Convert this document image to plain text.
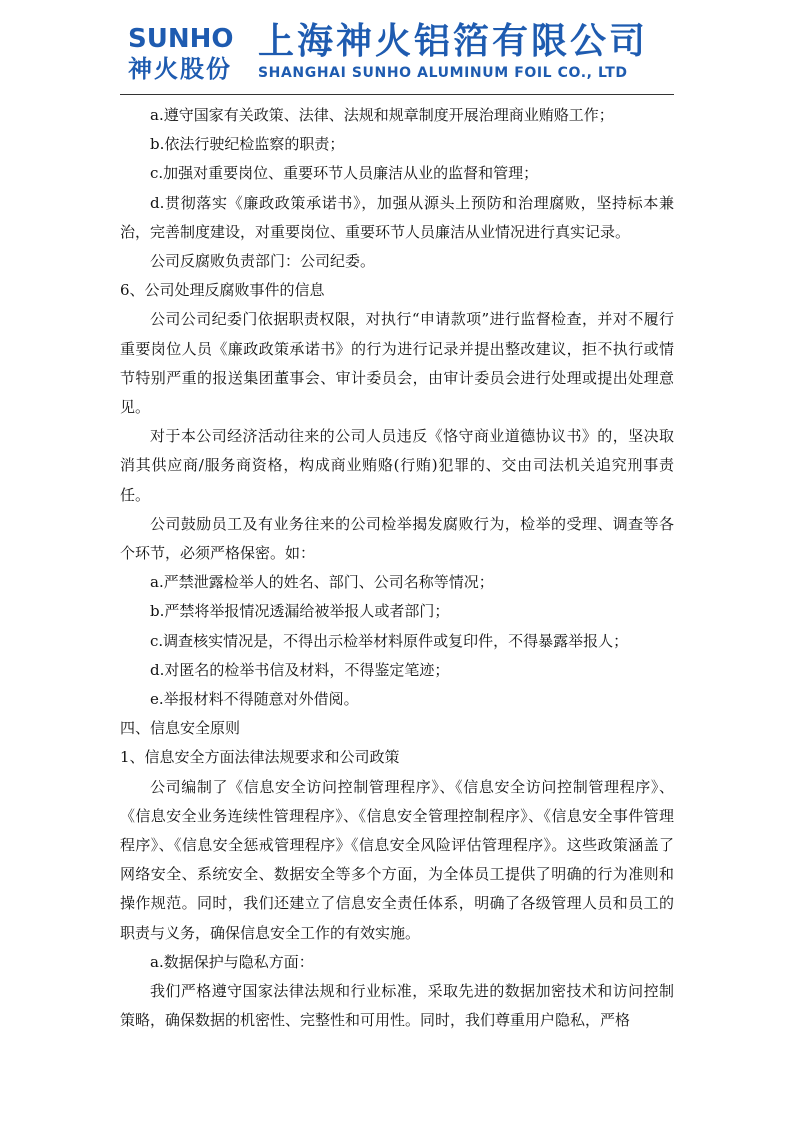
SUNHO
神火股份
上海神火铝箔有限公司
SHANGHAI SUNHO ALUMINUM FOIL CO., LTD

a.遵守国家有关政策、法律、法规和规章制度开展治理商业贿赂工作；

b.依法行驶纪检监察的职责；

c.加强对重要岗位、重要环节人员廉洁从业的监督和管理；

d.贯彻落实《廉政政策承诺书》，加强从源头上预防和治理腐败，坚持标本兼治，完善制度建设，对重要岗位、重要环节人员廉洁从业情况进行真实记录。

公司反腐败负责部门：公司纪委。

6、公司处理反腐败事件的信息

公司公司纪委门依据职责权限，对执行“申请款项”进行监督检查，并对不履行重要岗位人员《廉政政策承诺书》的行为进行记录并提出整改建议，拒不执行或情节特别严重的报送集团董事会、审计委员会，由审计委员会进行处理或提出处理意见。

对于本公司经济活动往来的公司人员违反《恪守商业道德协议书》的，坚决取消其供应商/服务商资格，构成商业贿赂(行贿)犯罪的、交由司法机关追究刑事责任。

公司鼓励员工及有业务往来的公司检举揭发腐败行为，检举的受理、调查等各个环节，必须严格保密。如：

a.严禁泄露检举人的姓名、部门、公司名称等情况；

b.严禁将举报情况透漏给被举报人或者部门；

c.调查核实情况是，不得出示检举材料原件或复印件，不得暴露举报人；

d.对匿名的检举书信及材料，不得鉴定笔迹；

e.举报材料不得随意对外借阅。

四、信息安全原则

1、信息安全方面法律法规要求和公司政策

公司编制了《信息安全访问控制管理程序》、《信息安全访问控制管理程序》、《信息安全业务连续性管理程序》、《信息安全管理控制程序》、《信息安全事件管理程序》、《信息安全惩戒管理程序》《信息安全风险评估管理程序》。这些政策涵盖了网络安全、系统安全、数据安全等多个方面，为全体员工提供了明确的行为准则和操作规范。同时，我们还建立了信息安全责任体系，明确了各级管理人员和员工的职责与义务，确保信息安全工作的有效实施。

a.数据保护与隐私方面：

我们严格遵守国家法律法规和行业标准，采取先进的数据加密技术和访问控制策略，确保数据的机密性、完整性和可用性。同时，我们尊重用户隐私，严格
